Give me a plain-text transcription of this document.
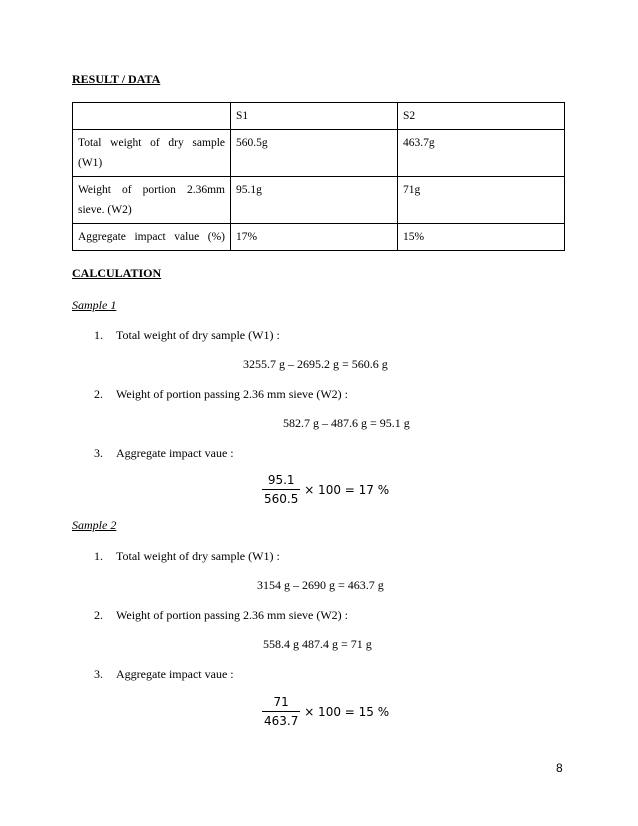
RESULT / DATA
	S1	S2

Total weight of dry sample
(W1)	560.5g	463.7g

Weight of portion 2.36mm
sieve. (W2)	95.1g	71g

Aggregate impact value (%)	17%	15%
CALCULATION
Sample 1
1. Total weight of dry sample (W1) :
3255.7 g – 2695.2 g = 560.6 g
2. Weight of portion passing 2.36 mm sieve (W2) :
582.7 g – 487.6 g = 95.1 g
3. Aggregate impact vaue :
$\frac{95.1}{560.5} \times 100 = 17$ %
Sample 2
1. Total weight of dry sample (W1) :
3154 g – 2690 g = 463.7 g
2. Weight of portion passing 2.36 mm sieve (W2) :
558.4 g 487.4 g = 71 g
3. Aggregate impact vaue :
$\frac{71}{463.7} \times 100 = 15$ %
8
